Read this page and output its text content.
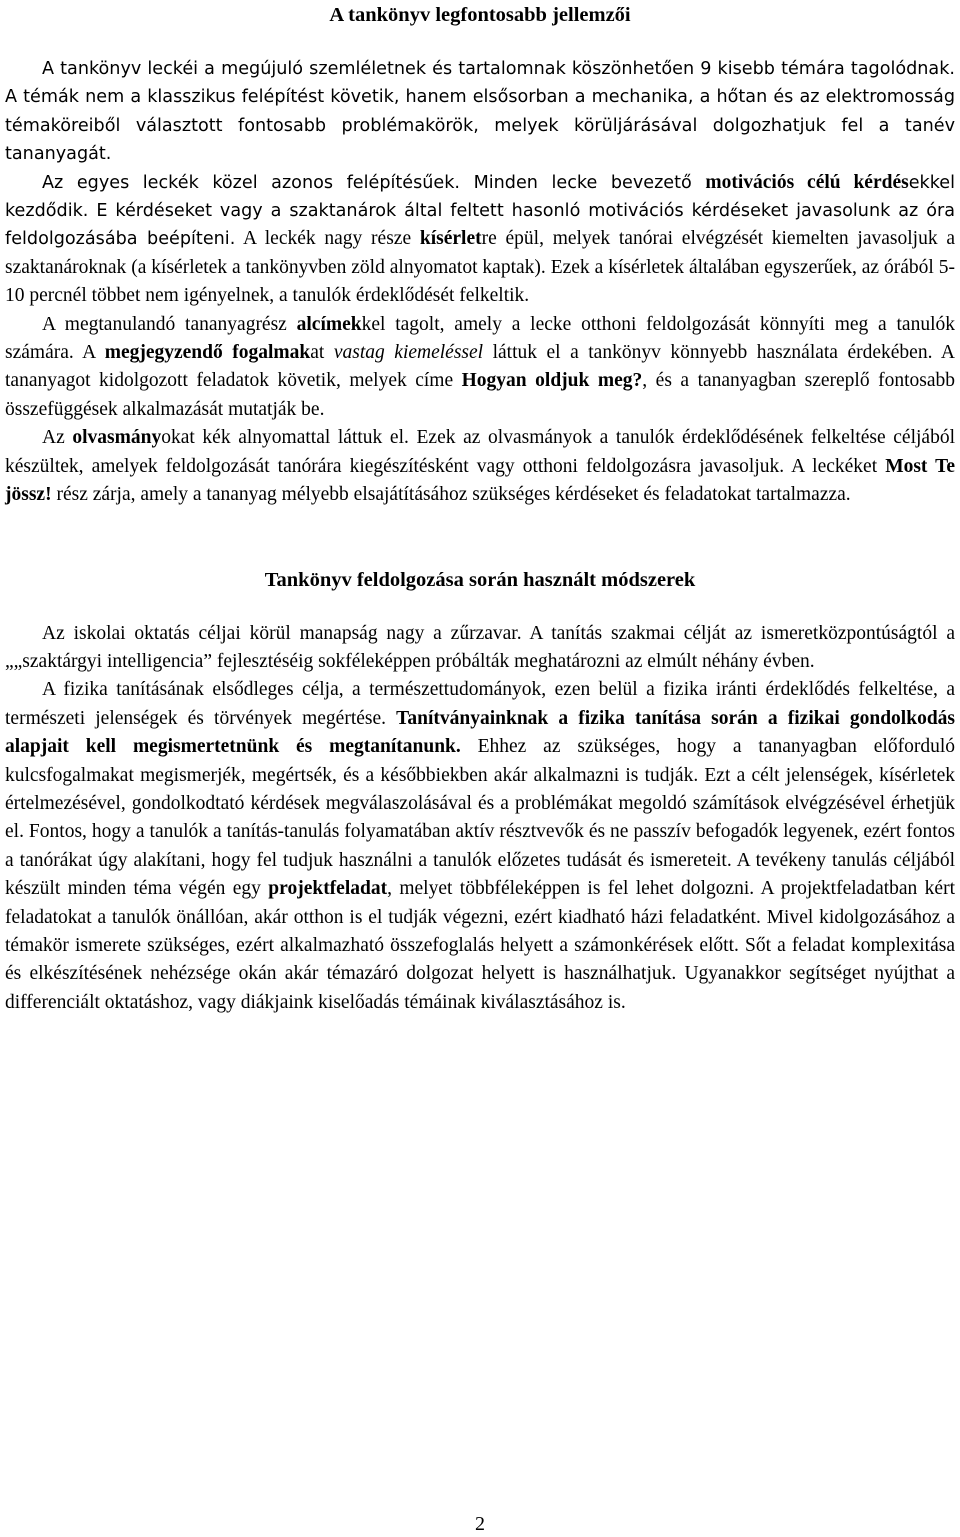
A tankönyv legfontosabb jellemzői

A tankönyv leckéi a megújuló szemléletnek és tartalomnak köszönhetően 9 kisebb témára tagolódnak. A témák nem a klasszikus felépítést követik, hanem elsősorban a mechanika, a hőtan és az elektromosság témaköreiből választott fontosabb problémakörök, melyek körüljárásával dolgozhatjuk fel a tanév tananyagát.

Az egyes leckék közel azonos felépítésűek. Minden lecke bevezető motivációs célú kérdésekkel kezdődik. E kérdéseket vagy a szaktanárok által feltett hasonló motivációs kérdéseket javasolunk az óra feldolgozásába beépíteni. A leckék nagy része kísérletre épül, melyek tanórai elvégzését kiemelten javasoljuk a szaktanároknak (a kísérletek a tankönyvben zöld alnyomatot kaptak). Ezek a kísérletek általában egyszerűek, az órából 5-10 percnél többet nem igényelnek, a tanulók érdeklődését felkeltik.

A megtanulandó tananyagrész alcímekkel tagolt, amely a lecke otthoni feldolgozását könnyíti meg a tanulók számára. A megjegyzendő fogalmakat vastag kiemeléssel láttuk el a tankönyv könnyebb használata érdekében. A tananyagot kidolgozott feladatok követik, melyek címe Hogyan oldjuk meg?, és a tananyagban szereplő fontosabb összefüggések alkalmazását mutatják be.

Az olvasmányokat kék alnyomattal láttuk el. Ezek az olvasmányok a tanulók érdeklődésének felkeltése céljából készültek, amelyek feldolgozását tanórára kiegészítésként vagy otthoni feldolgozásra javasoljuk. A leckéket Most Te jössz! rész zárja, amely a tananyag mélyebb elsajátításához szükséges kérdéseket és feladatokat tartalmazza.

Tankönyv feldolgozása során használt módszerek

Az iskolai oktatás céljai körül manapság nagy a zűrzavar. A tanítás szakmai célját az ismeretközpontúságtól a „„szaktárgyi intelligencia” fejlesztéséig sokféleképpen próbálták meghatározni az elmúlt néhány évben.

A fizika tanításának elsődleges célja, a természettudományok, ezen belül a fizika iránti érdeklődés felkeltése, a természeti jelenségek és törvények megértése. Tanítványainknak a fizika tanítása során a fizikai gondolkodás alapjait kell megismertetnünk és megtanítanunk. Ehhez az szükséges, hogy a tananyagban előforduló kulcsfogalmakat megismerjék, megértsék, és a későbbiekben akár alkalmazni is tudják. Ezt a célt jelenségek, kísérletek értelmezésével, gondolkodtató kérdések megválaszolásával és a problémákat megoldó számítások elvégzésével érhetjük el. Fontos, hogy a tanulók a tanítás-tanulás folyamatában aktív résztvevők és ne passzív befogadók legyenek, ezért fontos a tanórákat úgy alakítani, hogy fel tudjuk használni a tanulók előzetes tudását és ismereteit. A tevékeny tanulás céljából készült minden téma végén egy projektfeladat, melyet többféleképpen is fel lehet dolgozni. A projektfeladatban kért feladatokat a tanulók önállóan, akár otthon is el tudják végezni, ezért kiadható házi feladatként. Mivel kidolgozásához a témakör ismerete szükséges, ezért alkalmazható összefoglalás helyett a számonkérések előtt. Sőt a feladat komplexitása és elkészítésének nehézsége okán akár témazáró dolgozat helyett is használhatjuk. Ugyanakkor segítséget nyújthat a differenciált oktatáshoz, vagy diákjaink kiselőadás témáinak kiválasztásához is.

2
